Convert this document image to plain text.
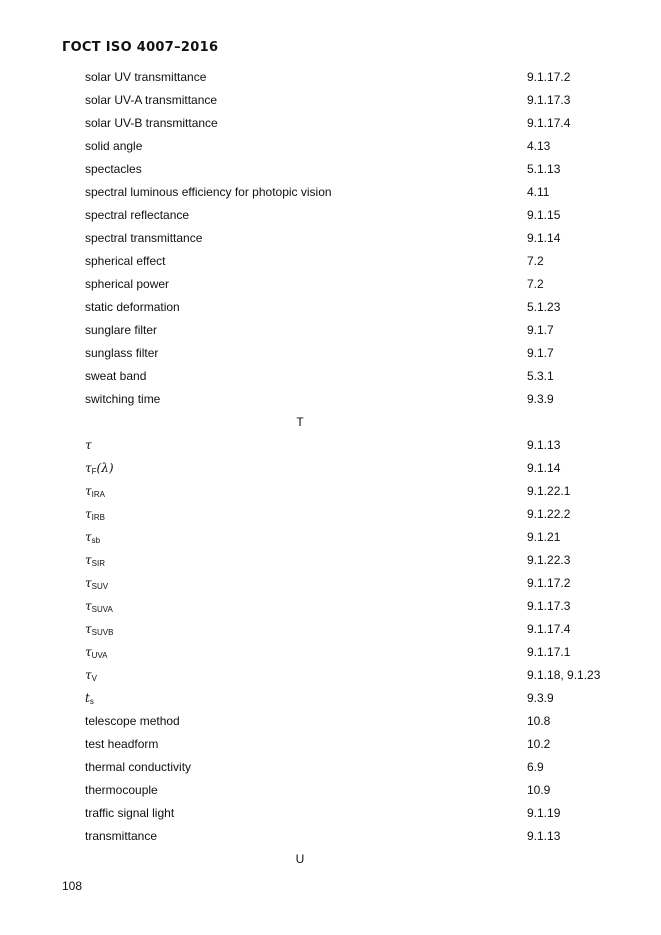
ГОСТ ISO 4007–2016
solar UV transmittance	9.1.17.2
solar UV-A transmittance	9.1.17.3
solar UV-B transmittance	9.1.17.4
solid angle	4.13
spectacles	5.1.13
spectral luminous efficiency for photopic vision	4.11
spectral reflectance	9.1.15
spectral transmittance	9.1.14
spherical effect	7.2
spherical power	7.2
static deformation	5.1.23
sunglare filter	9.1.7
sunglass filter	9.1.7
sweat band	5.3.1
switching time	9.3.9
T
τ	9.1.13
τF(λ)	9.1.14
τIRA	9.1.22.1
τIRB	9.1.22.2
τsb	9.1.21
τSIR	9.1.22.3
τSUV	9.1.17.2
τSUVA	9.1.17.3
τSUVB	9.1.17.4
τUVA	9.1.17.1
τV	9.1.18, 9.1.23
ts	9.3.9
telescope method	10.8
test headform	10.2
thermal conductivity	6.9
thermocouple	10.9
traffic signal light	9.1.19
transmittance	9.1.13
U
108
